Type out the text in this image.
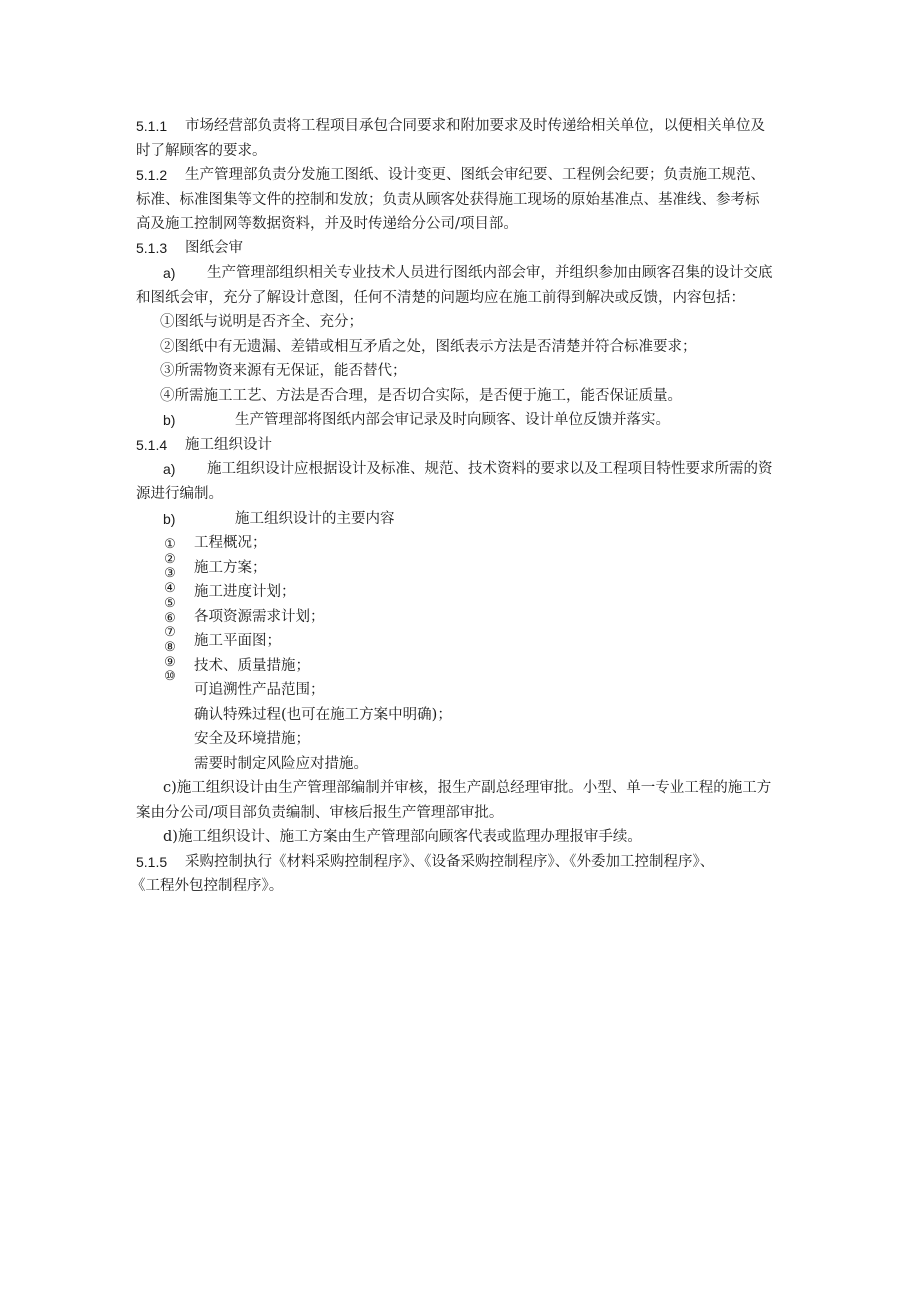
5.1.1 市场经营部负责将工程项目承包合同要求和附加要求及时传递给相关单位，以便相关单位及
时了解顾客的要求。
5.1.2 生产管理部负责分发施工图纸、设计变更、图纸会审纪要、工程例会纪要；负责施工规范、
标准、标准图集等文件的控制和发放；负责从顾客处获得施工现场的原始基准点、基准线、参考标
高及施工控制网等数据资料，并及时传递给分公司/项目部。
5.1.3 图纸会审
a) 生产管理部组织相关专业技术人员进行图纸内部会审，并组织参加由顾客召集的设计交底
和图纸会审，充分了解设计意图，任何不清楚的问题均应在施工前得到解决或反馈，内容包括：
①图纸与说明是否齐全、充分；
②图纸中有无遗漏、差错或相互矛盾之处，图纸表示方法是否清楚并符合标准要求；
③所需物资来源有无保证，能否替代；
④所需施工工艺、方法是否合理，是否切合实际，是否便于施工，能否保证质量。
b)	生产管理部将图纸内部会审记录及时向顾客、设计单位反馈并落实。
5.1.4 施工组织设计
a) 施工组织设计应根据设计及标准、规范、技术资料的要求以及工程项目特性要求所需的资
源进行编制。
b)	施工组织设计的主要内容
①②③④⑤⑥⑦⑧⑨⑩
工程概况；
施工方案；
施工进度计划；
各项资源需求计划；
施工平面图；
技术、质量措施；
可追溯性产品范围；
确认特殊过程(也可在施工方案中明确)；
安全及环境措施；
需要时制定风险应对措施。
c)施工组织设计由生产管理部编制并审核，报生产副总经理审批。小型、单一专业工程的施工方
案由分公司/项目部负责编制、审核后报生产管理部审批。
d)施工组织设计、施工方案由生产管理部向顾客代表或监理办理报审手续。
5.1.5 采购控制执行《材料采购控制程序》、《设备采购控制程序》、《外委加工控制程序》、
《工程外包控制程序》。
